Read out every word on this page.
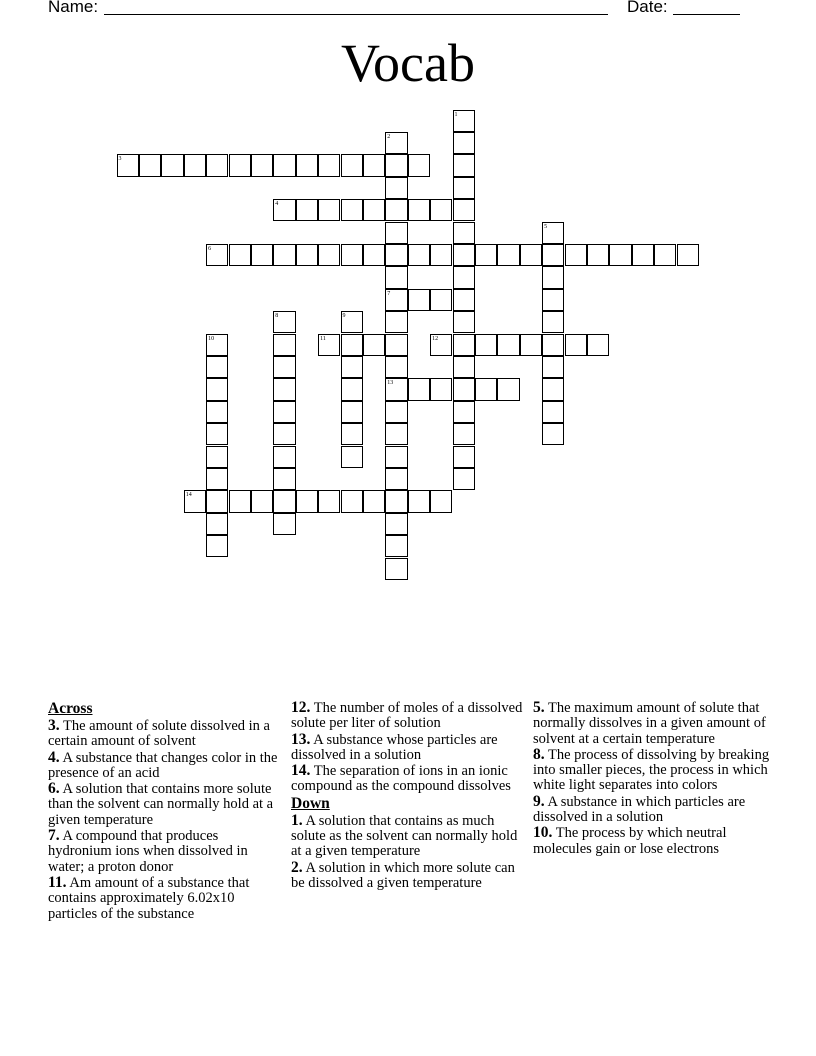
Name:	Date:
Vocab
1
2
7
13
3
4
5
6
8	9
10	11	12
14
Across

3. The amount of solute dissolved in a certain amount of solvent

4. A substance that changes color in the presence of an acid

6. A solution that contains more solute than the solvent can normally hold at a given temperature

7. A compound that produces hydronium ions when dissolved in water; a proton donor

11. Am amount of a substance that contains approximately 6.02x10 particles of the substance

12. The number of moles of a dissolved solute per liter of solution

13. A substance whose particles are dissolved in a solution

14. The separation of ions in an ionic compound as the compound dissolves

Down

1. A solution that contains as much solute as the solvent can normally hold at a given temperature

2. A solution in which more solute can be dissolved a given temperature

5. The maximum amount of solute that normally dissolves in a given amount of solvent at a certain temperature

8. The process of dissolving by breaking into smaller pieces, the process in which white light separates into colors

9. A substance in which particles are dissolved in a solution

10. The process by which neutral molecules gain or lose electrons
